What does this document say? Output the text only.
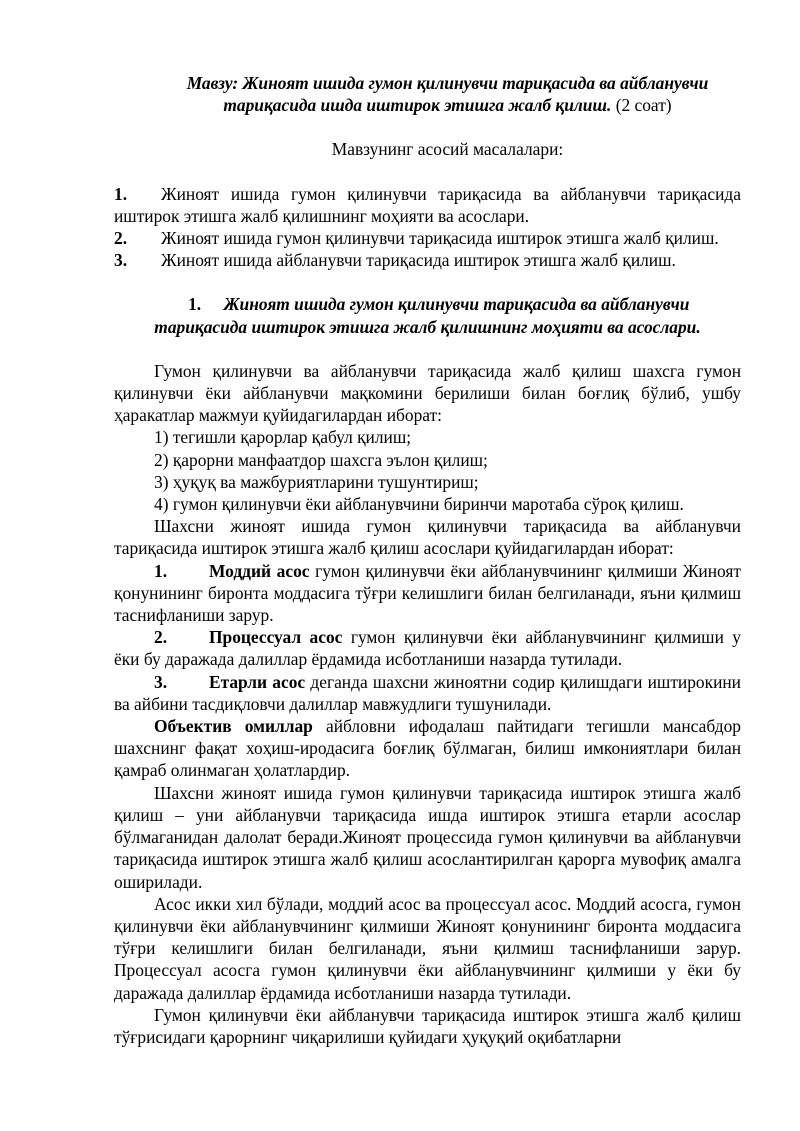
Мавзу: Жиноят ишида гумон қилинувчи тариқасида ва айбланувчи
тариқасида ишда иштирок этишга жалб қилиш. (2 соат)
Мавзунинг асосий масалалари:
1. Жиноят ишида гумон қилинувчи тариқасида ва айбланувчи тариқасида иштирок этишга жалб қилишнинг моҳияти ва асослари.
2. Жиноят ишида гумон қилинувчи тариқасида иштирок этишга жалб қилиш.
3. Жиноят ишида айбланувчи тариқасида иштирок этишга жалб қилиш.
1. Жиноят ишида гумон қилинувчи тариқасида ва айбланувчи
тариқасида иштирок этишга жалб қилишнинг моҳияти ва асослари.
Гумон қилинувчи ва айбланувчи тариқасида жалб қилиш шахсга гумон қилинувчи ёки айбланувчи мақкомини берилиши билан боғлиқ бўлиб, ушбу ҳаракатлар мажмуи қуйидагилардан иборат:
1) тегишли қарорлар қабул қилиш;
2) қарорни манфаатдор шахсга эълон қилиш;
3) ҳуқуқ ва мажбуриятларини тушунтириш;
4) гумон қилинувчи ёки айбланувчини биринчи маротаба сўроқ қилиш.
Шахсни жиноят ишида гумон қилинувчи тариқасида ва айбланувчи тариқасида иштирок этишга жалб қилиш асослари қуйидагилардан иборат:
1. Моддий асос гумон қилинувчи ёки айбланувчининг қилмиши Жиноят қонунининг биронта моддасига тўғри келишлиги билан белгиланади, яъни қилмиш таснифланиши зарур.
2. Процессуал асос гумон қилинувчи ёки айбланувчининг қилмиши у ёки бу даражада далиллар ёрдамида исботланиши назарда тутилади.
3. Етарли асос деганда шахсни жиноятни содир қилишдаги иштирокини ва айбини тасдиқловчи далиллар мавжудлиги тушунилади.
Объектив омиллар айбловни ифодалаш пайтидаги тегишли мансабдор шахснинг фақат хоҳиш-иродасига боғлиқ бўлмаган, билиш имкониятлари билан қамраб олинмаган ҳолатлардир.
Шахсни жиноят ишида гумон қилинувчи тариқасида иштирок этишга жалб қилиш – уни айбланувчи тариқасида ишда иштирок этишга етарли асослар бўлмаганидан далолат беради.Жиноят процессида гумон қилинувчи ва айбланувчи тариқасида иштирок этишга жалб қилиш асослантирилган қарорга мувофиқ амалга оширилади.
Асос икки хил бўлади, моддий асос ва процессуал асос. Моддий асосга, гумон қилинувчи ёки айбланувчининг қилмиши Жиноят қонунининг биронта моддасига тўғри келишлиги билан белгиланади, яъни қилмиш таснифланиши зарур. Процессуал асосга гумон қилинувчи ёки айбланувчининг қилмиши у ёки бу даражада далиллар ёрдамида исботланиши назарда тутилади.
Гумон қилинувчи ёки айбланувчи тариқасида иштирок этишга жалб қилиш тўғрисидаги қарорнинг чиқарилиши қуйидаги ҳуқуқий оқибатларни
